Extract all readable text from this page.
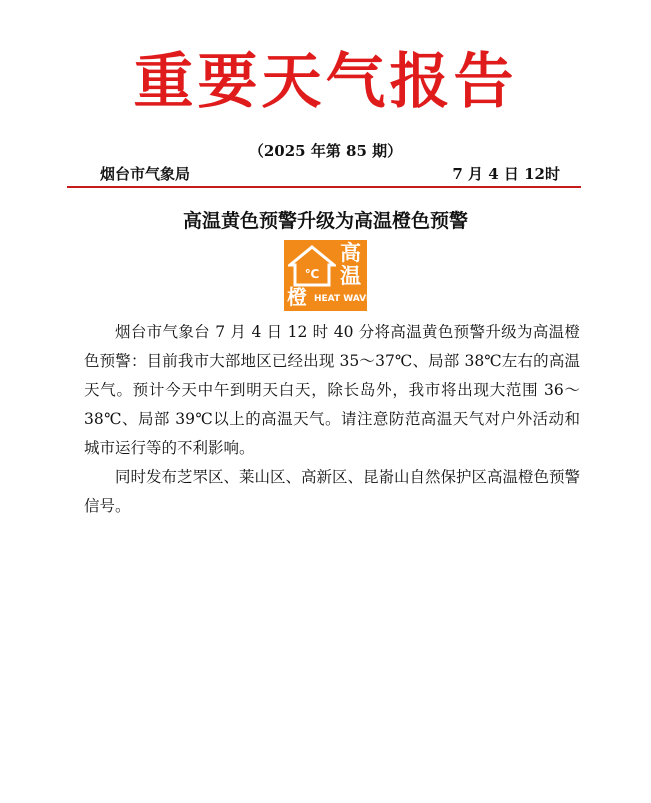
重要天气报告
（2025 年第 85 期）
烟台市气象局	7 月 4 日 12时
高温黄色预警升级为高温橙色预警
℃
高
温
橙 HEAT WAVE

烟台市气象台 7 月 4 日 12 时 40 分将高温黄色预警升级为高温橙色预警：目前我市大部地区已经出现 35～37℃、局部 38℃左右的高温天气。预计今天中午到明天白天，除长岛外，我市将出现大范围 36～38℃、局部 39℃以上的高温天气。请注意防范高温天气对户外活动和城市运行等的不利影响。

同时发布芝罘区、莱山区、高新区、昆嵛山自然保护区高温橙色预警信号。
